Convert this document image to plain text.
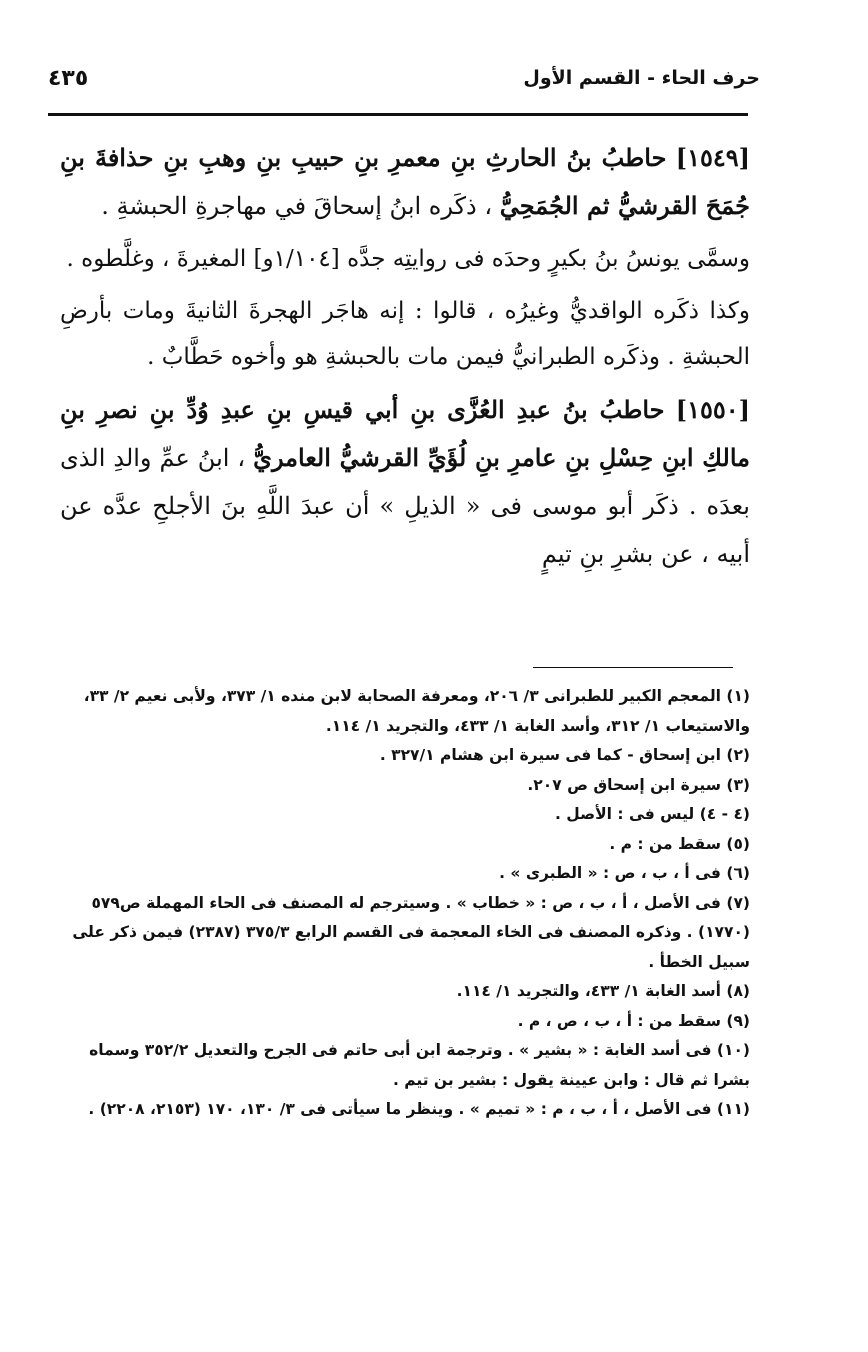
حرف الحاء - القسم الأول
٤٣٥

[١٥٤٩] حاطبُ بنُ الحارثِ بنِ معمرِ بنِ حبيبِ بنِ وهبِ بنِ حذافةَ بنِ جُمَحَ القرشيُّ ثم الجُمَحِيُّ ، ذكَره ابنُ إسحاقَ في مهاجرةِ الحبشةِ .

وسمَّى يونسُ بنُ بكيرٍ وحدَه فى روايتِه جدَّه [١/١٠٤و] المغيرةَ ، وغلَّطوه .

وكذا ذكَره الواقديُّ وغيرُه ، قالوا : إنه هاجَر الهجرةَ الثانيةَ ومات بأرضِ الحبشةِ . وذكَره الطبرانيُّ فيمن مات بالحبشةِ هو وأخوه حَطَّابٌ .

[١٥٥٠] حاطبُ بنُ عبدِ العُزَّى بنِ أبي قيسِ بنِ عبدِ وُدِّ بنِ نصرِ بنِ مالكِ ابنِ حِسْلِ بنِ عامرِ بنِ لُؤَيِّ القرشيُّ العامريُّ ، ابنُ عمِّ والدِ الذى بعدَه . ذكَر أبو موسى فى « الذيلِ » أن عبدَ اللَّهِ بنَ الأجلحِ عدَّه عن أبيه ، عن بشرِ بنِ تيمٍ

(١) المعجم الكبير للطبرانى ٣/ ٢٠٦، ومعرفة الصحابة لابن منده ١/ ٣٧٣، ولأبى نعيم ٢/ ٣٣، والاستيعاب ١/ ٣١٢، وأسد الغابة ١/ ٤٣٣، والتجريد ١/ ١١٤.

(٢) ابن إسحاق - كما فى سيرة ابن هشام ٣٢٧/١ .

(٣) سيرة ابن إسحاق ص ٢٠٧.

(٤ - ٤) ليس فى : الأصل .

(٥) سقط من : م .

(٦) فى أ ، ب ، ص : « الطبرى » .

(٧) فى الأصل ، أ ، ب ، ص : « خطاب » . وسيترجم له المصنف فى الحاء المهملة ص٥٧٩ (١٧٧٠) . وذكره المصنف فى الخاء المعجمة فى القسم الرابع ٣٧٥/٣ (٢٣٨٧) فيمن ذكر على سبيل الخطأ .

(٨) أسد الغابة ١/ ٤٣٣، والتجريد ١/ ١١٤.

(٩) سقط من : أ ، ب ، ص ، م .

(١٠) فى أسد الغابة : « بشير » . وترجمة ابن أبى حاتم فى الجرح والتعديل ٣٥٢/٢ وسماه بشرا ثم قال : وابن عيينة يقول : بشير بن تيم .

(١١) فى الأصل ، أ ، ب ، م : « تميم » . وينظر ما سيأتى فى ٣/ ١٣٠، ١٧٠ (٢١٥٣، ٢٢٠٨) .
